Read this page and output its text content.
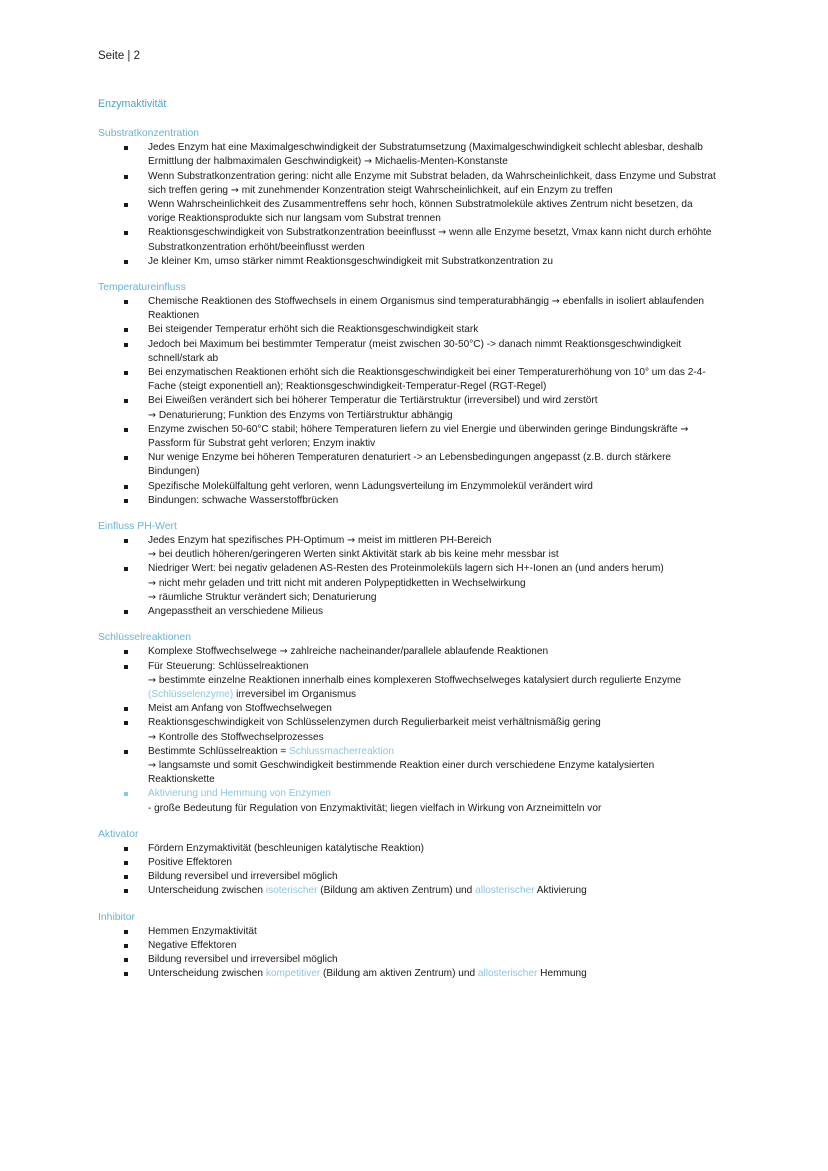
Seite | 2
Enzymaktivität
Substratkonzentration
Jedes Enzym hat eine Maximalgeschwindigkeit der Substratumsetzung (Maximalgeschwindigkeit schlecht ablesbar, deshalb
Ermittlung der halbmaximalen Geschwindigkeit) → Michaelis-Menten-Konstanste
Wenn Substratkonzentration gering: nicht alle Enzyme mit Substrat beladen, da Wahrscheinlichkeit, dass Enzyme und Substrat
sich treffen gering → mit zunehmender Konzentration steigt Wahrscheinlichkeit, auf ein Enzym zu treffen
Wenn Wahrscheinlichkeit des Zusammentreffens sehr hoch, können Substratmoleküle aktives Zentrum nicht besetzen, da
vorige Reaktionsprodukte sich nur langsam vom Substrat trennen
Reaktionsgeschwindigkeit von Substratkonzentration beeinflusst → wenn alle Enzyme besetzt, Vmax kann nicht durch erhöhte
Substratkonzentration erhöht/beeinflusst werden
Je kleiner Km, umso stärker nimmt Reaktionsgeschwindigkeit mit Substratkonzentration zu
Temperatureinfluss
Chemische Reaktionen des Stoffwechsels in einem Organismus sind temperaturabhängig → ebenfalls in isoliert ablaufenden
Reaktionen
Bei steigender Temperatur erhöht sich die Reaktionsgeschwindigkeit stark
Jedoch bei Maximum bei bestimmter Temperatur (meist zwischen 30-50°C) -> danach nimmt Reaktionsgeschwindigkeit
schnell/stark ab
Bei enzymatischen Reaktionen erhöht sich die Reaktionsgeschwindigkeit bei einer Temperaturerhöhung von 10° um das 2-4-
Fache (steigt exponentiell an); Reaktionsgeschwindigkeit-Temperatur-Regel (RGT-Regel)
Bei Eiweißen verändert sich bei höherer Temperatur die Tertiärstruktur (irreversibel) und wird zerstört
→ Denaturierung; Funktion des Enzyms von Tertiärstruktur abhängig
Enzyme zwischen 50-60°C stabil; höhere Temperaturen liefern zu viel Energie und überwinden geringe Bindungskräfte →
Passform für Substrat geht verloren; Enzym inaktiv
Nur wenige Enzyme bei höheren Temperaturen denaturiert -> an Lebensbedingungen angepasst (z.B. durch stärkere
Bindungen)
Spezifische Molekülfaltung geht verloren, wenn Ladungsverteilung im Enzymmolekül verändert wird
Bindungen: schwache Wasserstoffbrücken
Einfluss PH-Wert
Jedes Enzym hat spezifisches PH-Optimum → meist im mittleren PH-Bereich
→ bei deutlich höheren/geringeren Werten sinkt Aktivität stark ab bis keine mehr messbar ist
Niedriger Wert: bei negativ geladenen AS-Resten des Proteinmoleküls lagern sich H+-Ionen an (und anders herum)
→ nicht mehr geladen und tritt nicht mit anderen Polypeptidketten in Wechselwirkung
→ räumliche Struktur verändert sich; Denaturierung
Angepasstheit an verschiedene Milieus
Schlüsselreaktionen
Komplexe Stoffwechselwege → zahlreiche nacheinander/parallele ablaufende Reaktionen
Für Steuerung: Schlüsselreaktionen
→ bestimmte einzelne Reaktionen innerhalb eines komplexeren Stoffwechselweges katalysiert durch regulierte Enzyme
(Schlüsselenzyme) irreversibel im Organismus
Meist am Anfang von Stoffwechselwegen
Reaktionsgeschwindigkeit von Schlüsselenzymen durch Regulierbarkeit meist verhältnismäßig gering
→ Kontrolle des Stoffwechselprozesses
Bestimmte Schlüsselreaktion = Schlussmacherreaktion
→ langsamste und somit Geschwindigkeit bestimmende Reaktion einer durch verschiedene Enzyme katalysierten
Reaktionskette
Aktivierung und Hemmung von Enzymen
- große Bedeutung für Regulation von Enzymaktivität; liegen vielfach in Wirkung von Arzneimitteln vor
Aktivator
Fördern Enzymaktivität (beschleunigen katalytische Reaktion)
Positive Effektoren
Bildung reversibel und irreversibel möglich
Unterscheidung zwischen isoterischer (Bildung am aktiven Zentrum) und allosterischer Aktivierung
Inhibitor
Hemmen Enzymaktivität
Negative Effektoren
Bildung reversibel und irreversibel möglich
Unterscheidung zwischen kompetitiver (Bildung am aktiven Zentrum) und allosterischer Hemmung
